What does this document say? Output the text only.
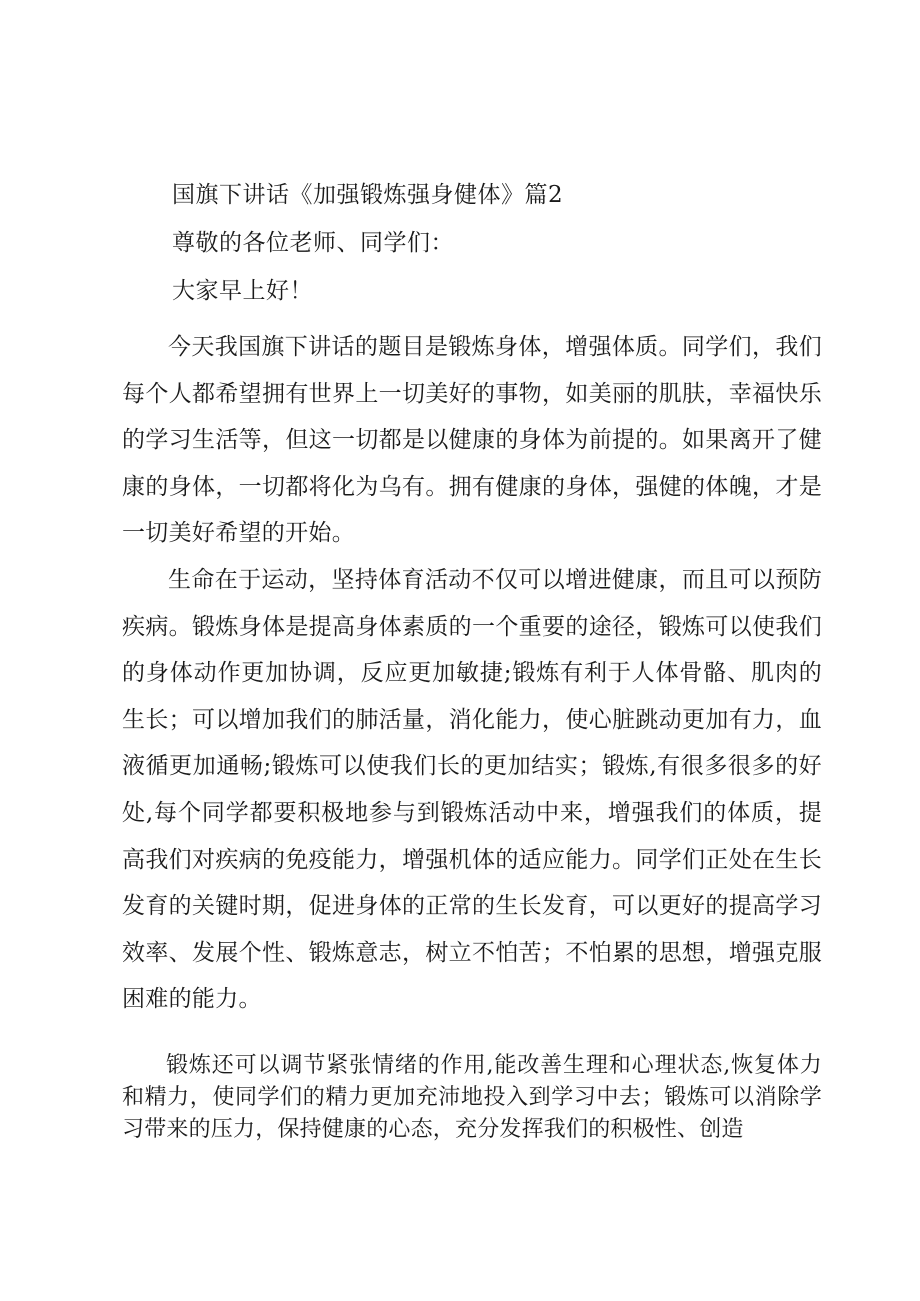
国旗下讲话《加强锻炼强身健体》篇2
尊敬的各位老师、同学们：
大家早上好！
今天我国旗下讲话的题目是锻炼身体，增强体质。同学们，我们每个人都希望拥有世界上一切美好的事物，如美丽的肌肤，幸福快乐的学习生活等，但这一切都是以健康的身体为前提的。如果离开了健康的身体，一切都将化为乌有。拥有健康的身体，强健的体魄，才是一切美好希望的开始。
生命在于运动，坚持体育活动不仅可以增进健康，而且可以预防疾病。锻炼身体是提高身体素质的一个重要的途径，锻炼可以使我们的身体动作更加协调，反应更加敏捷;锻炼有利于人体骨骼、肌肉的生长；可以增加我们的肺活量，消化能力，使心脏跳动更加有力，血液循更加通畅;锻炼可以使我们长的更加结实；锻炼,有很多很多的好处,每个同学都要积极地参与到锻炼活动中来，增强我们的体质，提高我们对疾病的免疫能力，增强机体的适应能力。同学们正处在生长发育的关键时期，促进身体的正常的生长发育，可以更好的提高学习效率、发展个性、锻炼意志，树立不怕苦；不怕累的思想，增强克服困难的能力。
锻炼还可以调节紧张情绪的作用,能改善生理和心理状态,恢复体力和精力，使同学们的精力更加充沛地投入到学习中去；锻炼可以消除学习带来的压力，保持健康的心态，充分发挥我们的积极性、创造
